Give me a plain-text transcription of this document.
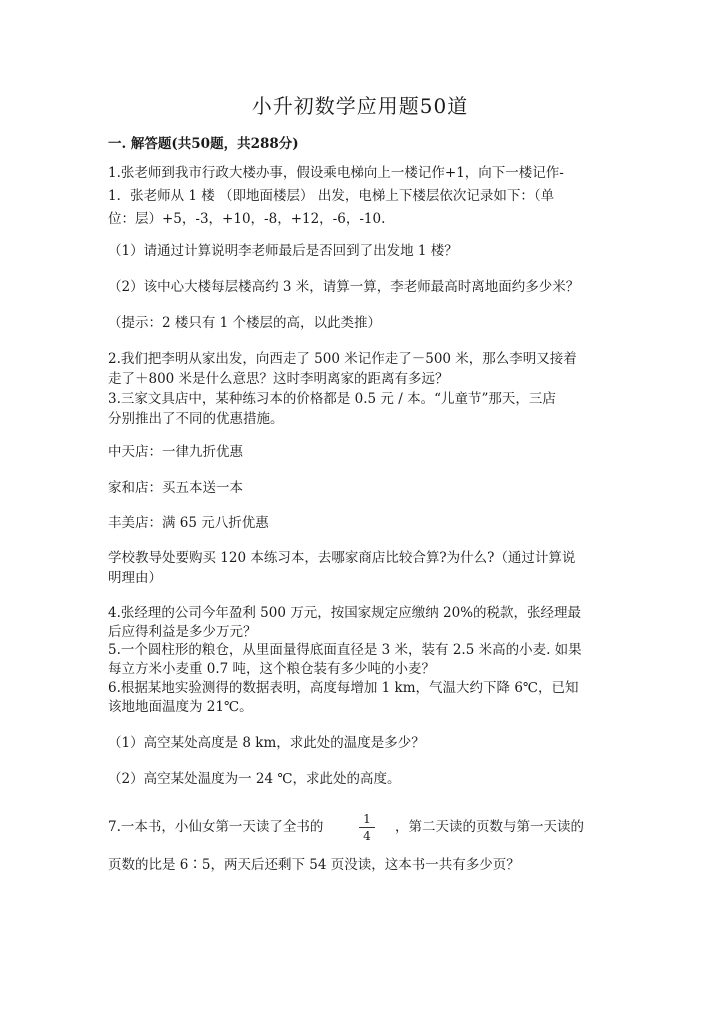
小升初数学应用题50道
一. 解答题(共50题，共288分)
1.张老师到我市行政大楼办事，假设乘电梯向上一楼记作+1，向下一楼记作-
1．张老师从 1 楼 （即地面楼层） 出发，电梯上下楼层依次记录如下：（单
位：层）+5，-3，+10，-8，+12，-6，-10.
（1）请通过计算说明李老师最后是否回到了出发地 1 楼？
（2）该中心大楼每层楼高约 3 米，请算一算，李老师最高时离地面约多少米？
（提示：2 楼只有 1 个楼层的高，以此类推）
2.我们把李明从家出发，向西走了 500 米记作走了－500 米，那么李明又接着
走了＋800 米是什么意思？这时李明离家的距离有多远？
3.三家文具店中，某种练习本的价格都是 0.5 元 / 本。“儿童节”那天，三店
分别推出了不同的优惠措施。
中天店：一律九折优惠
家和店：买五本送一本
丰美店：满 65 元八折优惠
学校教导处要购买 120 本练习本，去哪家商店比较合算?为什么?（通过计算说
明理由）
4.张经理的公司今年盈利 500 万元，按国家规定应缴纳 20%的税款，张经理最
后应得利益是多少万元？
5.一个圆柱形的粮仓，从里面量得底面直径是 3 米，装有 2.5 米高的小麦. 如果
每立方米小麦重 0.7 吨，这个粮仓装有多少吨的小麦？
6.根据某地实验测得的数据表明，高度每增加 1 km，气温大约下降 6℃，已知
该地地面温度为 21℃。
（1）高空某处高度是 8 km，求此处的温度是多少？
（2）高空某处温度为一 24 ℃，求此处的高度。
7.一本书，小仙女第一天读了全书的	1
4
，第二天读的页数与第一天读的
页数的比是 6∶5，两天后还剩下 54 页没读，这本书一共有多少页？
